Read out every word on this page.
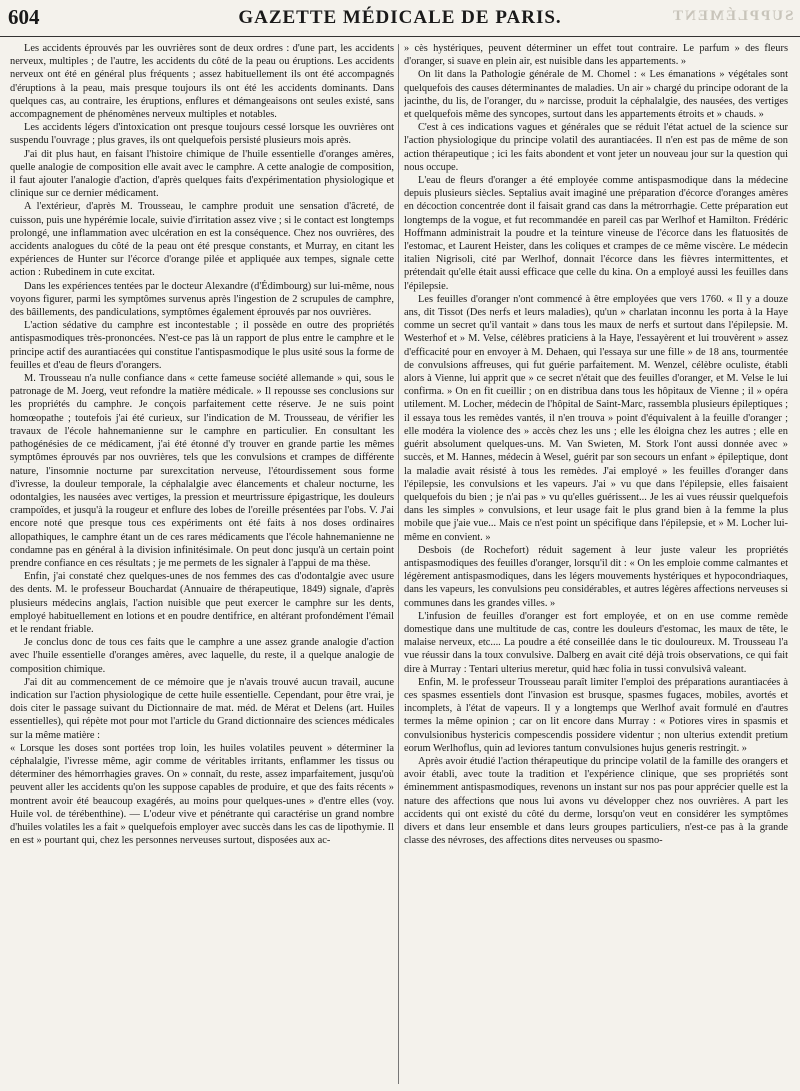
604	GAZETTE MÉDICALE DE PARIS.	SUPPLÉMENT

Les accidents éprouvés par les ouvrières sont de deux ordres : d'une part, les accidents nerveux, multiples ; de l'autre, les accidents du côté de la peau ou éruptions. Les accidents nerveux ont été en général plus fréquents ; assez habituellement ils ont été accompagnés d'éruptions à la peau, mais presque toujours ils ont été les accidents dominants. Dans quelques cas, au contraire, les éruptions, enflures et démangeaisons ont seules existé, sans accompagnement de phénomènes nerveux multiples et notables.

Les accidents légers d'intoxication ont presque toujours cessé lorsque les ouvrières ont suspendu l'ouvrage ; plus graves, ils ont quelquefois persisté plusieurs mois après.

J'ai dit plus haut, en faisant l'histoire chimique de l'huile essentielle d'oranges amères, quelle analogie de composition elle avait avec le camphre. A cette analogie de composition, il faut ajouter l'analogie d'action, d'après quelques faits d'expérimentation physiologique et clinique sur ce dernier médicament.

A l'extérieur, d'après M. Trousseau, le camphre produit une sensation d'âcreté, de cuisson, puis une hypérémie locale, suivie d'irritation assez vive ; si le contact est longtemps prolongé, une inflammation avec ulcération en est la conséquence. Chez nos ouvrières, des accidents analogues du côté de la peau ont été presque constants, et Murray, en citant les expériences de Hunter sur l'écorce d'orange pilée et appliquée aux tempes, signale cette action : Rubedinem in cute excitat.

Dans les expériences tentées par le docteur Alexandre (d'Édimbourg) sur lui-même, nous voyons figurer, parmi les symptômes survenus après l'ingestion de 2 scrupules de camphre, des bâillements, des pandiculations, symptômes également éprouvés par nos ouvrières.

L'action sédative du camphre est incontestable ; il possède en outre des propriétés antispasmodiques très-prononcées. N'est-ce pas là un rapport de plus entre le camphre et le principe actif des aurantiacées qui constitue l'antispasmodique le plus usité sous la forme de feuilles et d'eau de fleurs d'orangers.

M. Trousseau n'a nulle confiance dans « cette fameuse société allemande » qui, sous le patronage de M. Joerg, veut refondre la matière médicale. » Il repousse ses conclusions sur les propriétés du camphre. Je conçois parfaitement cette réserve. Je ne suis point homœopathe ; toutefois j'ai été curieux, sur l'indication de M. Trousseau, de vérifier les travaux de l'école hahnemanienne sur le camphre en particulier. En consultant les pathogénésies de ce médicament, j'ai été étonné d'y trouver en grande partie les mêmes symptômes éprouvés par nos ouvrières, tels que les convulsions et crampes de différente nature, l'insomnie nocturne par surexcitation nerveuse, l'étourdissement sous forme d'ivresse, la douleur temporale, la céphalalgie avec élancements et chaleur nocturne, les odontalgies, les nausées avec vertiges, la pression et meurtrissure épigastrique, les douleurs crampoïdes, et jusqu'à la rougeur et enflure des lobes de l'oreille présentées par l'obs. V. J'ai encore noté que presque tous ces expériments ont été faits à nos doses ordinaires allopathiques, le camphre étant un de ces rares médicaments que l'école hahnemanienne ne condamne pas en général à la division infinitésimale. On peut donc jusqu'à un certain point prendre confiance en ces résultats ; je me permets de les signaler à l'appui de ma thèse.

Enfin, j'ai constaté chez quelques-unes de nos femmes des cas d'odontalgie avec usure des dents. M. le professeur Bouchardat (Annuaire de thérapeutique, 1849) signale, d'après plusieurs médecins anglais, l'action nuisible que peut exercer le camphre sur les dents, employé habituellement en lotions et en poudre dentifrice, en altérant profondément l'émail et le rendant friable.

Je conclus donc de tous ces faits que le camphre a une assez grande analogie d'action avec l'huile essentielle d'oranges amères, avec laquelle, du reste, il a quelque analogie de composition chimique.

J'ai dit au commencement de ce mémoire que je n'avais trouvé aucun travail, aucune indication sur l'action physiologique de cette huile essentielle. Cependant, pour être vrai, je dois citer le passage suivant du Dictionnaire de mat. méd. de Mérat et Delens (art. Huiles essentielles), qui répète mot pour mot l'article du Grand dictionnaire des sciences médicales sur la même matière :

« Lorsque les doses sont portées trop loin, les huiles volatiles peuvent » déterminer la céphalalgie, l'ivresse même, agir comme de véritables irritants, enflammer les tissus ou déterminer des hémorrhagies graves. On » connaît, du reste, assez imparfaitement, jusqu'où peuvent aller les accidents qu'on les suppose capables de produire, et que des faits récents » montrent avoir été beaucoup exagérés, au moins pour quelques-unes » d'entre elles (voy. Huile vol. de térébenthine). — L'odeur vive et pénétrante qui caractérise un grand nombre d'huiles volatiles les a fait » quelquefois employer avec succès dans les cas de lipothymie. Il en est » pourtant qui, chez les personnes nerveuses surtout, disposées aux ac-

» cès hystériques, peuvent déterminer un effet tout contraire. Le parfum » des fleurs d'oranger, si suave en plein air, est nuisible dans les appartements. »

On lit dans la Pathologie générale de M. Chomel : « Les émanations » végétales sont quelquefois des causes déterminantes de maladies. Un air » chargé du principe odorant de la jacinthe, du lis, de l'oranger, du » narcisse, produit la céphalalgie, des nausées, des vertiges et quelquefois même des syncopes, surtout dans les appartements étroits et » chauds. »

C'est à ces indications vagues et générales que se réduit l'état actuel de la science sur l'action physiologique du principe volatil des aurantiacées. Il n'en est pas de même de son action thérapeutique ; ici les faits abondent et vont jeter un nouveau jour sur la question qui nous occupe.

L'eau de fleurs d'oranger a été employée comme antispasmodique dans la médecine depuis plusieurs siècles. Septalius avait imaginé une préparation d'écorce d'oranges amères en décoction concentrée dont il faisait grand cas dans la métrorrhagie. Cette préparation eut longtemps de la vogue, et fut recommandée en pareil cas par Werlhof et Hamilton. Frédéric Hoffmann administrait la poudre et la teinture vineuse de l'écorce dans les flatuosités de l'estomac, et Laurent Heister, dans les coliques et crampes de ce même viscère. Le médecin italien Nigrisoli, cité par Werlhof, donnait l'écorce dans les fièvres intermittentes, et prétendait qu'elle était aussi efficace que celle du kina. On a employé aussi les feuilles dans l'épilepsie.

Les feuilles d'oranger n'ont commencé à être employées que vers 1760. « Il y a douze ans, dit Tissot (Des nerfs et leurs maladies), qu'un » charlatan inconnu les porta à la Haye comme un secret qu'il vantait » dans tous les maux de nerfs et surtout dans l'épilepsie. M. Westerhof et » M. Velse, célèbres praticiens à la Haye, l'essayèrent et lui trouvèrent » assez d'efficacité pour en envoyer à M. Dehaen, qui l'essaya sur une fille » de 18 ans, tourmentée de convulsions affreuses, qui fut guérie parfaitement. M. Wenzel, célèbre oculiste, établi alors à Vienne, lui apprit que » ce secret n'était que des feuilles d'oranger, et M. Velse le lui confirma. » On en fit cueillir ; on en distribua dans tous les hôpitaux de Vienne ; il » opéra utilement. M. Locher, médecin de l'hôpital de Saint-Marc, rassembla plusieurs épileptiques ; il essaya tous les remèdes vantés, il n'en trouva » point d'équivalent à la feuille d'oranger ; elle modéra la violence des » accès chez les uns ; elle les éloigna chez les autres ; elle en guérit absolument quelques-uns. M. Van Swieten, M. Stork l'ont aussi donnée avec » succès, et M. Hannes, médecin à Wesel, guérit par son secours un enfant » épileptique, dont la maladie avait résisté à tous les remèdes. J'ai employé » les feuilles d'oranger dans l'épilepsie, les convulsions et les vapeurs. J'ai » vu que dans l'épilepsie, elles faisaient quelquefois du bien ; je n'ai pas » vu qu'elles guérissent... Je les ai vues réussir quelquefois dans les simples » convulsions, et leur usage fait le plus grand bien à la femme la plus mobile que j'aie vue... Mais ce n'est point un spécifique dans l'épilepsie, et » M. Locher lui-même en convient. »

Desbois (de Rochefort) réduit sagement à leur juste valeur les propriétés antispasmodiques des feuilles d'oranger, lorsqu'il dit : « On les emploie comme calmantes et légèrement antispasmodiques, dans les légers mouvements hystériques et hypocondriaques, dans les vapeurs, les convulsions peu considérables, et autres légères affections nerveuses si communes dans les grandes villes. »

L'infusion de feuilles d'oranger est fort employée, et on en use comme remède domestique dans une multitude de cas, contre les douleurs d'estomac, les maux de tête, le malaise nerveux, etc.... La poudre a été conseillée dans le tic douloureux. M. Trousseau l'a vue réussir dans la toux convulsive. Dalberg en avait cité déjà trois observations, ce qui fait dire à Murray : Tentari ulterius meretur, quid hæc folia in tussi convulsivâ valeant.

Enfin, M. le professeur Trousseau paraît limiter l'emploi des préparations aurantiacées à ces spasmes essentiels dont l'invasion est brusque, spasmes fugaces, mobiles, avortés et incomplets, à l'état de vapeurs. Il y a longtemps que Werlhof avait formulé en d'autres termes la même opinion ; car on lit encore dans Murray : « Potiores vires in spasmis et convulsionibus hystericis compescendis possidere videntur ; non ulterius extendit pretium eorum Werlhoflus, quin ad leviores tantum convulsiones hujus generis restringit. »

Après avoir étudié l'action thérapeutique du principe volatil de la famille des orangers et avoir établi, avec toute la tradition et l'expérience clinique, que ses propriétés sont éminemment antispasmodiques, revenons un instant sur nos pas pour apprécier quelle est la nature des affections que nous lui avons vu développer chez nos ouvrières. A part les accidents qui ont existé du côté du derme, lorsqu'on veut en considérer les symptômes divers et dans leur ensemble et dans leurs groupes particuliers, n'est-ce pas à la grande classe des névroses, des affections dites nerveuses ou spasmo-
